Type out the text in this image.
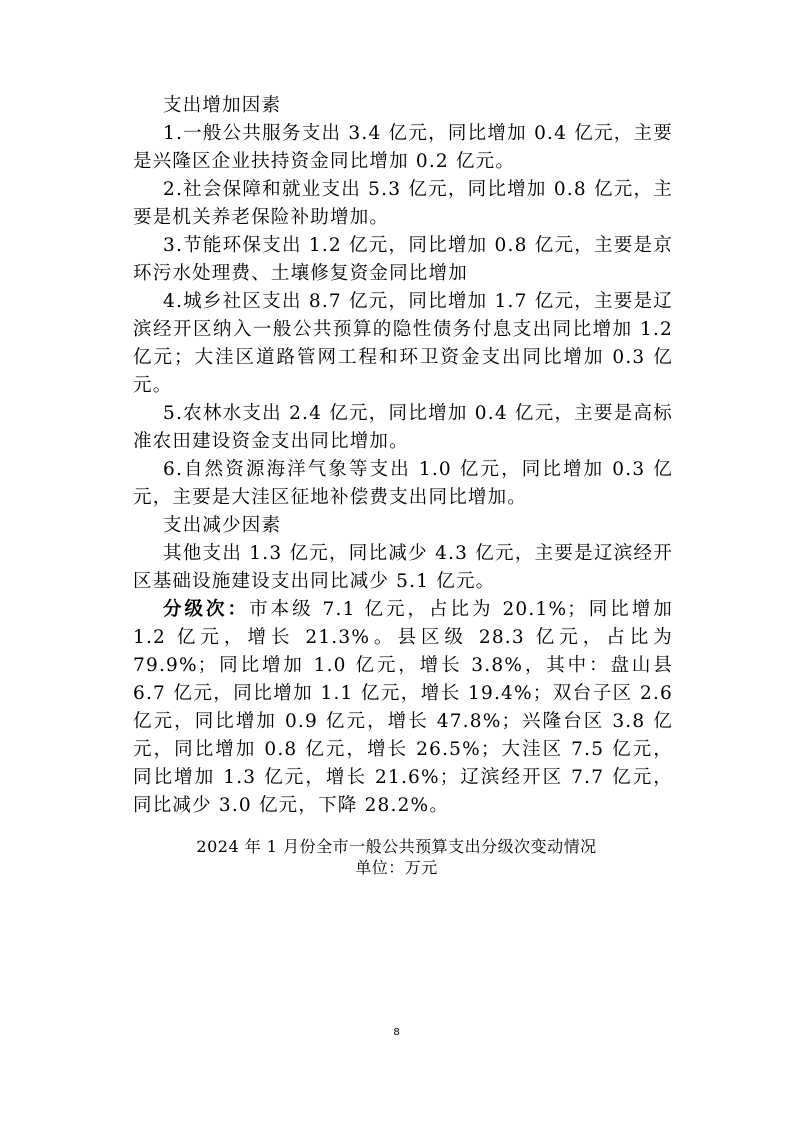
支出增加因素

1.一般公共服务支出 3.4 亿元，同比增加 0.4 亿元，主要是兴隆区企业扶持资金同比增加 0.2 亿元。

2.社会保障和就业支出 5.3 亿元，同比增加 0.8 亿元，主要是机关养老保险补助增加。

3.节能环保支出 1.2 亿元，同比增加 0.8 亿元，主要是京环污水处理费、土壤修复资金同比增加

4.城乡社区支出 8.7 亿元，同比增加 1.7 亿元，主要是辽滨经开区纳入一般公共预算的隐性债务付息支出同比增加 1.2 亿元；大洼区道路管网工程和环卫资金支出同比增加 0.3 亿元。

5.农林水支出 2.4 亿元，同比增加 0.4 亿元，主要是高标准农田建设资金支出同比增加。

6.自然资源海洋气象等支出 1.0 亿元，同比增加 0.3 亿元，主要是大洼区征地补偿费支出同比增加。

支出减少因素

其他支出 1.3 亿元，同比减少 4.3 亿元，主要是辽滨经开区基础设施建设支出同比减少 5.1 亿元。

分级次：市本级 7.1 亿元，占比为 20.1%；同比增加 1.2 亿元，增长 21.3%。县区级 28.3 亿元，占比为 79.9%；同比增加 1.0 亿元，增长 3.8%，其中：盘山县 6.7 亿元，同比增加 1.1 亿元，增长 19.4%；双台子区 2.6 亿元，同比增加 0.9 亿元，增长 47.8%；兴隆台区 3.8 亿元，同比增加 0.8 亿元，增长 26.5%；大洼区 7.5 亿元，同比增加 1.3 亿元，增长 21.6%；辽滨经开区 7.7 亿元，同比减少 3.0 亿元，下降 28.2%。

2024 年 1 月份全市一般公共预算支出分级次变动情况
单位：万元
8
